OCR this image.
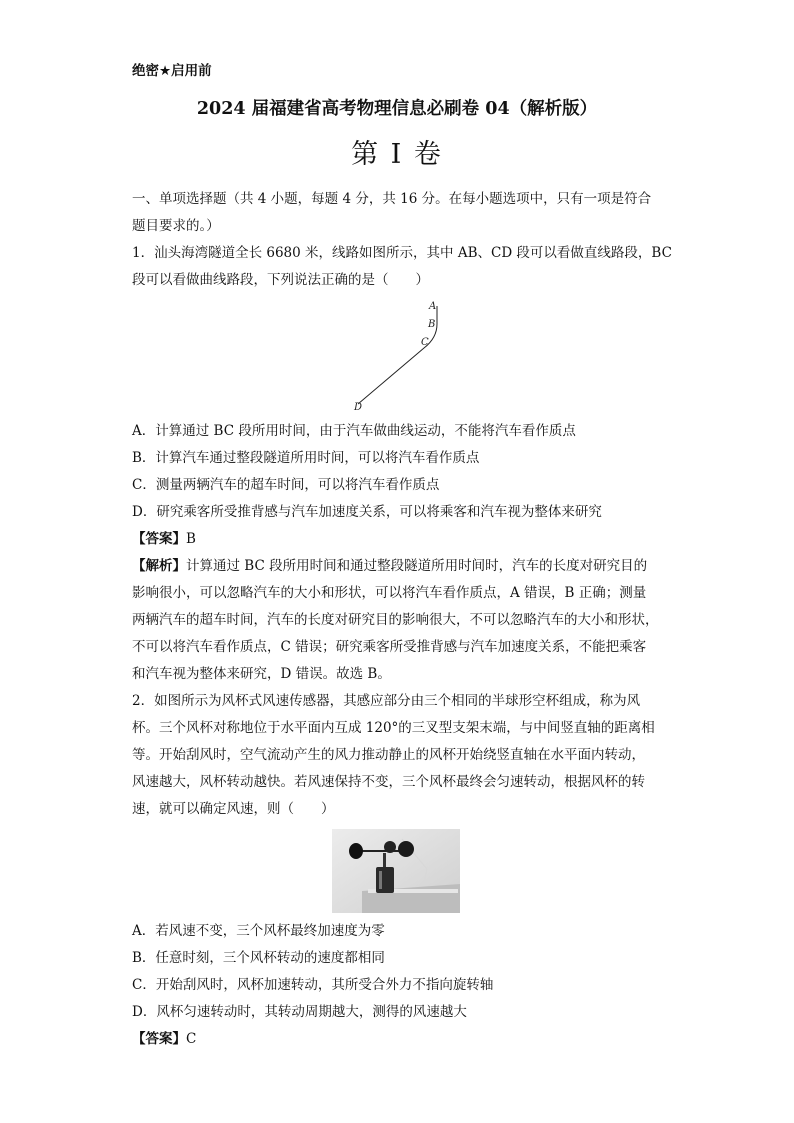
绝密★启用前
2024 届福建省高考物理信息必刷卷 04（解析版）
第 I 卷
一、单项选择题（共 4 小题，每题 4 分，共 16 分。在每小题选项中，只有一项是符合
题目要求的。）
1．汕头海湾隧道全长 6680 米，线路如图所示，其中 AB、CD 段可以看做直线路段，BC
段可以看做曲线路段，下列说法正确的是（　　）
A
B
C
D
A．计算通过 BC 段所用时间，由于汽车做曲线运动，不能将汽车看作质点
B．计算汽车通过整段隧道所用时间，可以将汽车看作质点
C．测量两辆汽车的超车时间，可以将汽车看作质点
D．研究乘客所受推背感与汽车加速度关系，可以将乘客和汽车视为整体来研究
【答案】B
【解析】计算通过 BC 段所用时间和通过整段隧道所用时间时，汽车的长度对研究目的
影响很小，可以忽略汽车的大小和形状，可以将汽车看作质点，A 错误，B 正确；测量
两辆汽车的超车时间，汽车的长度对研究目的影响很大，不可以忽略汽车的大小和形状，
不可以将汽车看作质点，C 错误；研究乘客所受推背感与汽车加速度关系，不能把乘客
和汽车视为整体来研究，D 错误。故选 B。
2．如图所示为风杯式风速传感器，其感应部分由三个相同的半球形空杯组成，称为风
杯。三个风杯对称地位于水平面内互成 120°的三叉型支架末端，与中间竖直轴的距离相
等。开始刮风时，空气流动产生的风力推动静止的风杯开始绕竖直轴在水平面内转动，
风速越大，风杯转动越快。若风速保持不变，三个风杯最终会匀速转动，根据风杯的转
速，就可以确定风速，则（　　）
A．若风速不变，三个风杯最终加速度为零
B．任意时刻，三个风杯转动的速度都相同
C．开始刮风时，风杯加速转动，其所受合外力不指向旋转轴
D．风杯匀速转动时，其转动周期越大，测得的风速越大
【答案】C
